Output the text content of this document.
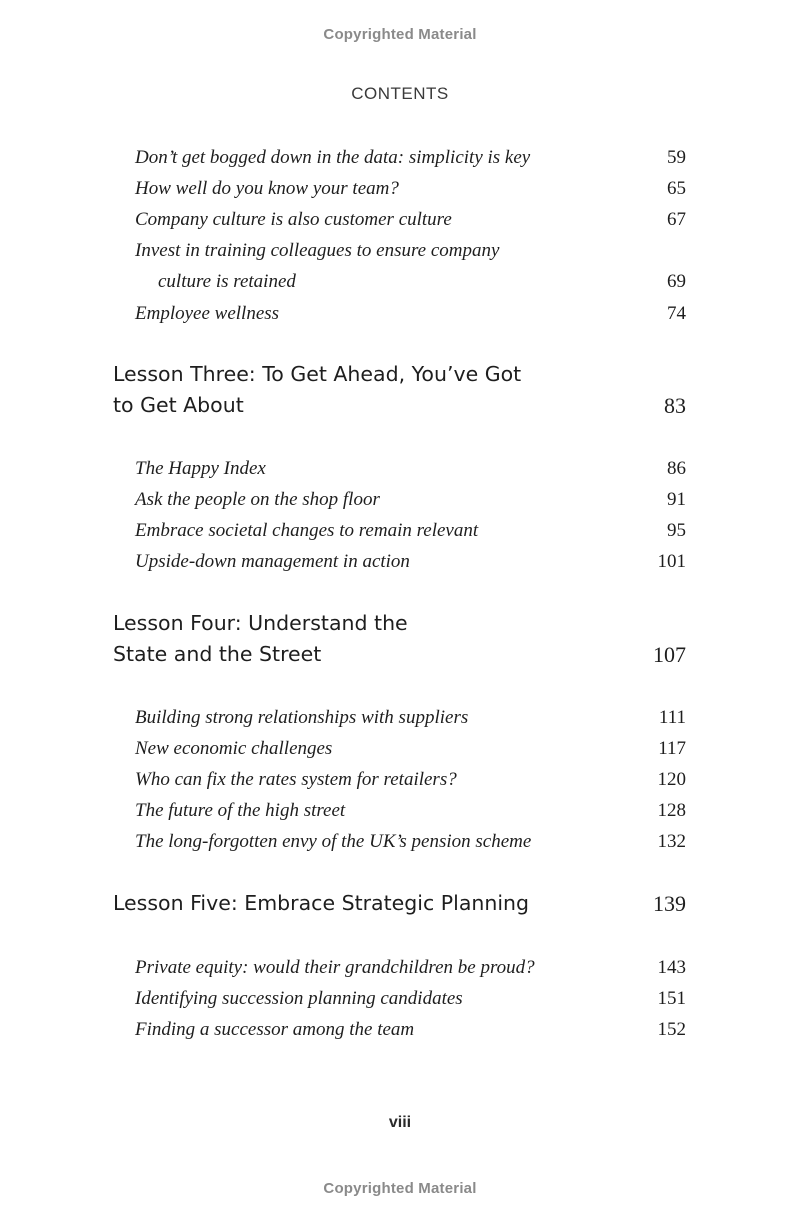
Copyrighted Material
CONTENTS
Don’t get bogged down in the data: simplicity is key	59
How well do you know your team?	65
Company culture is also customer culture	67
Invest in training colleagues to ensure company
culture is retained	69
Employee wellness	74
Lesson Three: To Get Ahead, You’ve Got
to Get About	83
The Happy Index	86
Ask the people on the shop floor	91
Embrace societal changes to remain relevant	95
Upside-down management in action	101
Lesson Four: Understand the
State and the Street	107
Building strong relationships with suppliers	111
New economic challenges	117
Who can fix the rates system for retailers?	120
The future of the high street	128
The long-forgotten envy of the UK’s pension scheme	132
Lesson Five: Embrace Strategic Planning	139
Private equity: would their grandchildren be proud?	143
Identifying succession planning candidates	151
Finding a successor among the team	152
viii
Copyrighted Material
